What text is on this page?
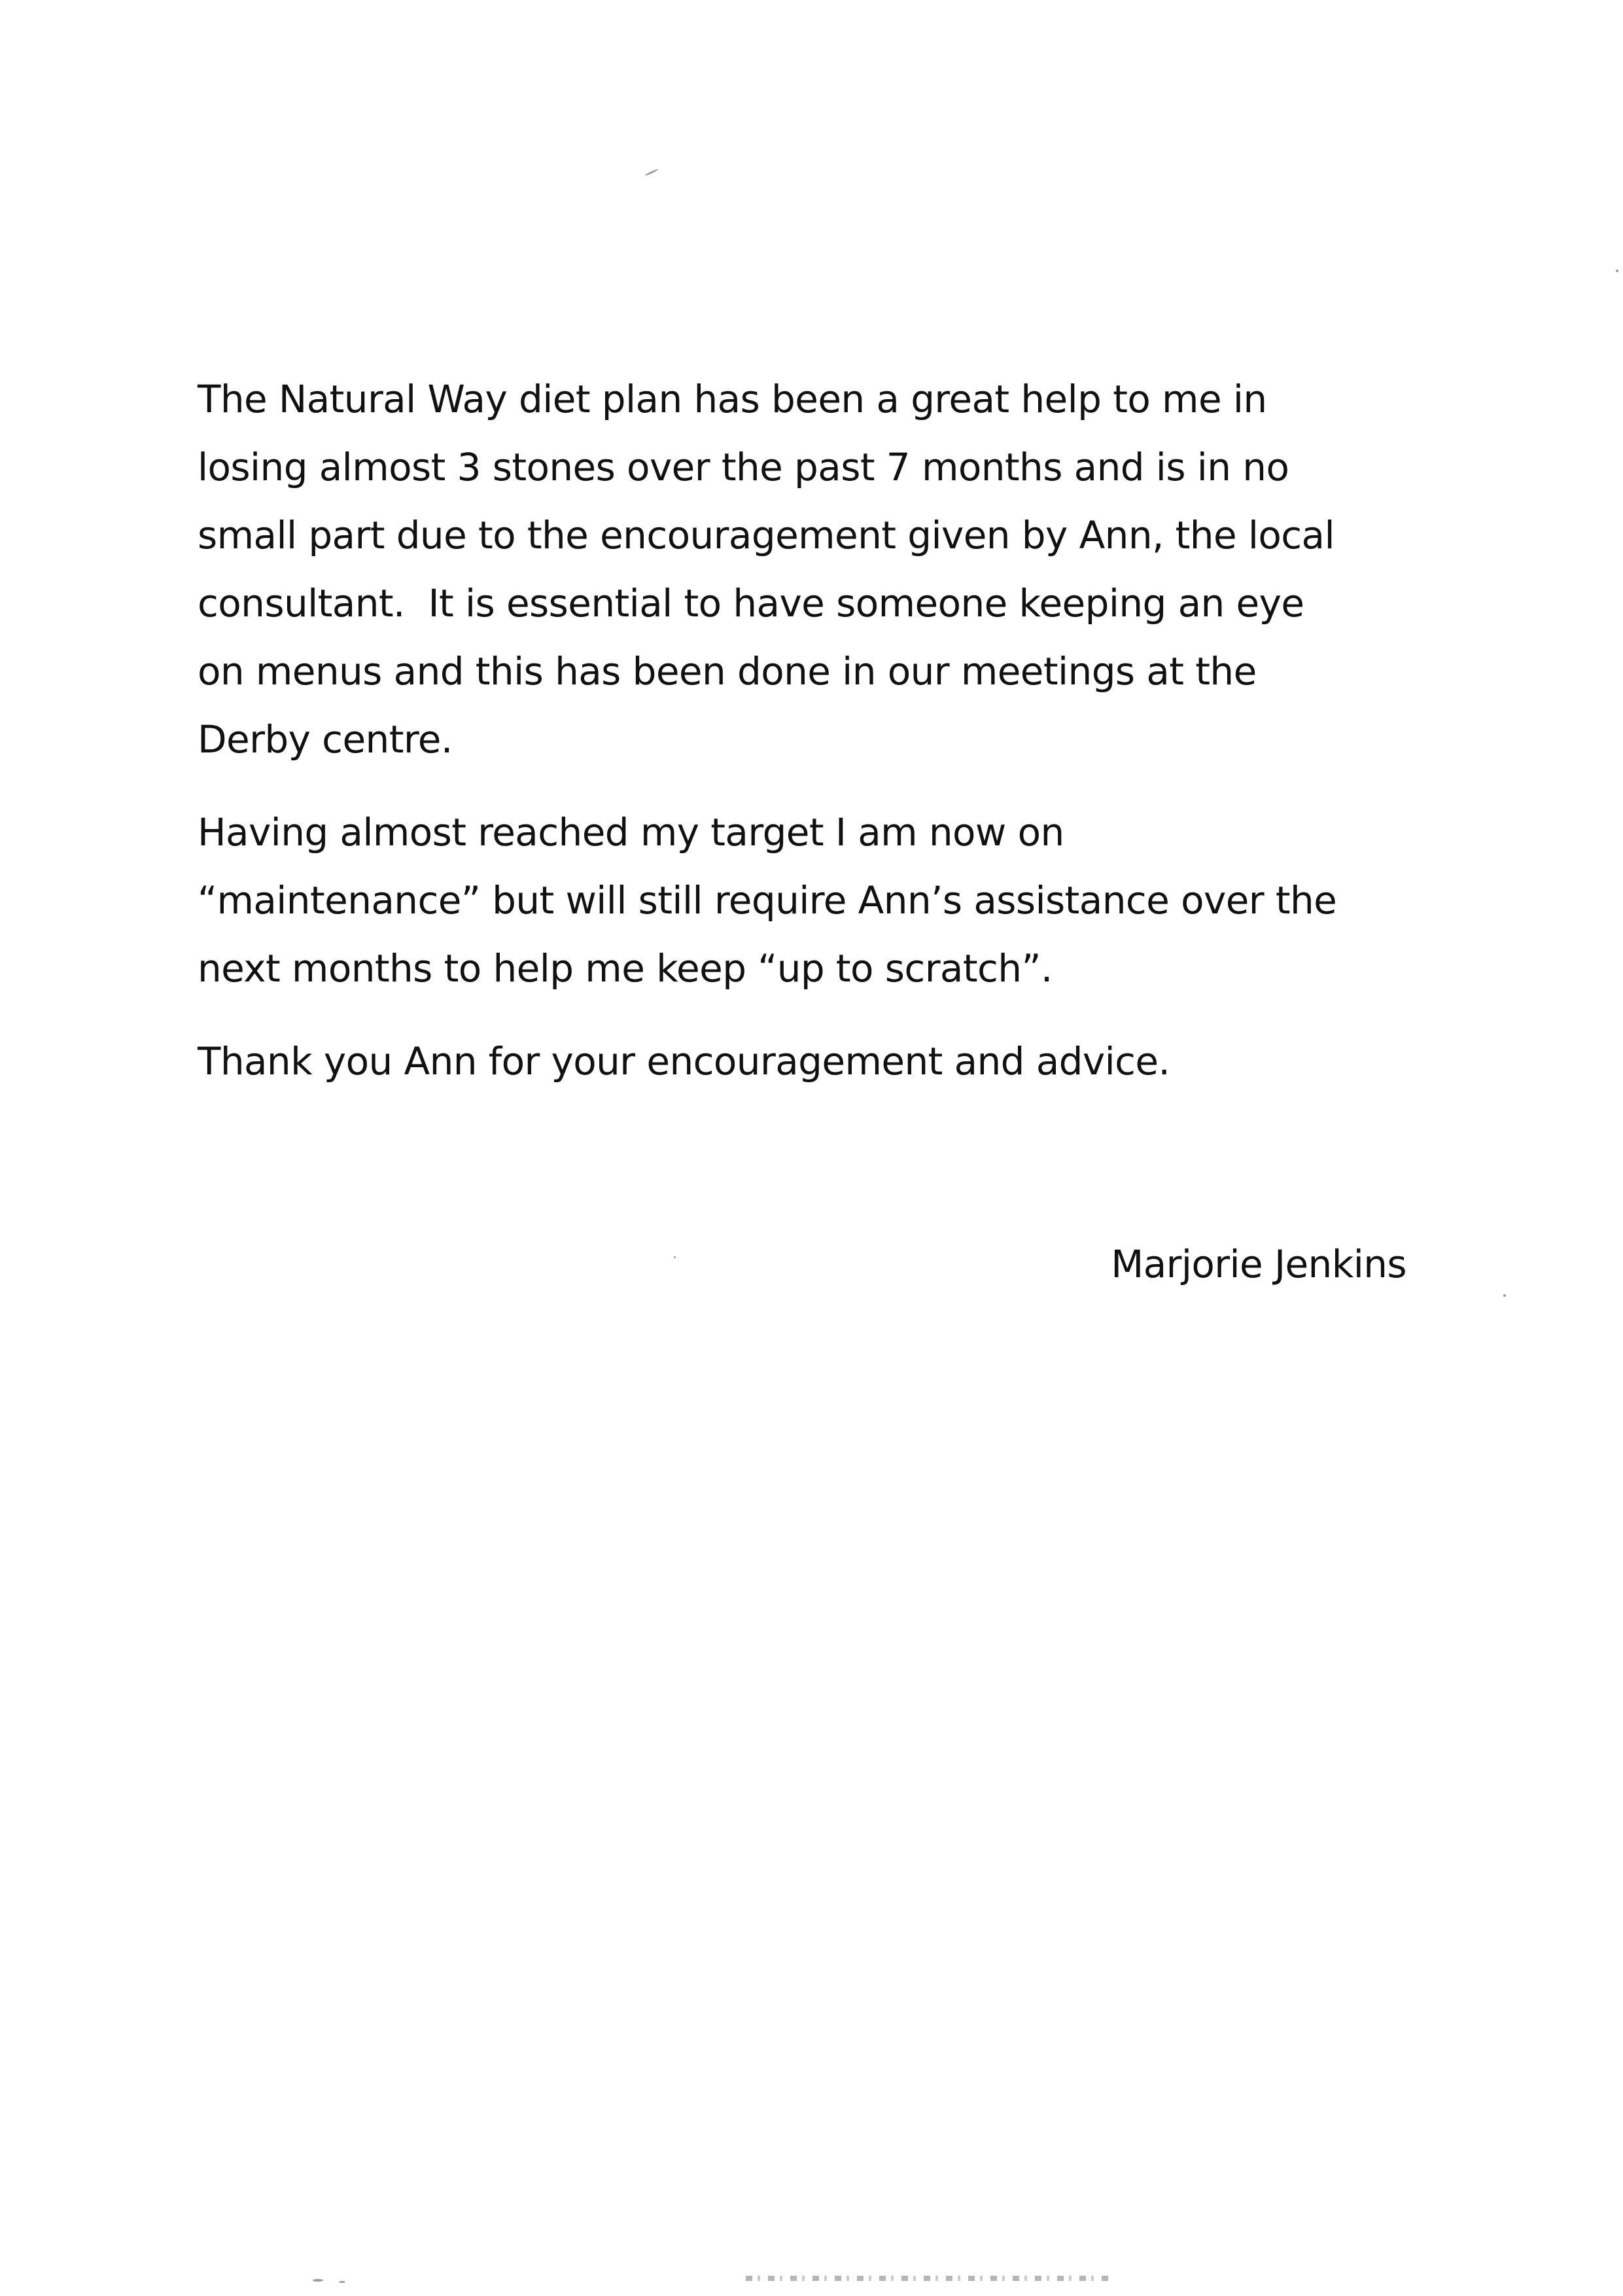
The Natural Way diet plan has been a great help to me in
losing almost 3 stones over the past 7 months and is in no
small part due to the encouragement given by Ann, the local
consultant.  It is essential to have someone keeping an eye
on menus and this has been done in our meetings at the
Derby centre.

Having almost reached my target I am now on
“maintenance” but will still require Ann’s assistance over the
next months to help me keep “up to scratch”.

Thank you Ann for your encouragement and advice.

Marjorie Jenkins
